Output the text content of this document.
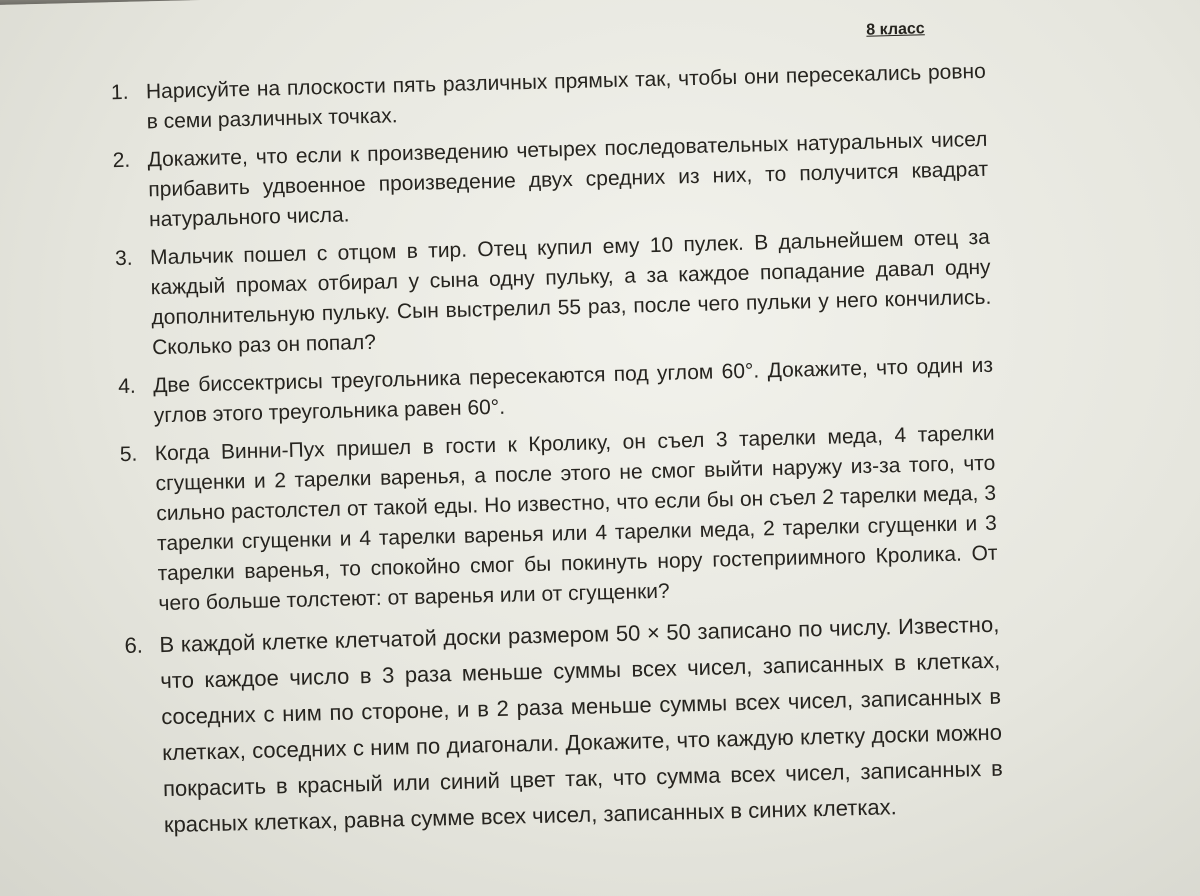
8 класс
1. Нарисуйте на плоскости пять различных прямых так, чтобы они пересекались ровно в семи различных точках.
2. Докажите, что если к произведению четырех последовательных натуральных чисел прибавить удвоенное произведение двух средних из них, то получится квадрат натурального числа.
3. Мальчик пошел с отцом в тир. Отец купил ему 10 пулек. В дальнейшем отец за каждый промах отбирал у сына одну пульку, а за каждое попадание давал одну дополнительную пульку. Сын выстрелил 55 раз, после чего пульки у него кончились. Сколько раз он попал?
4. Две биссектрисы треугольника пересекаются под углом 60°. Докажите, что один из углов этого треугольника равен 60°.
5. Когда Винни-Пух пришел в гости к Кролику, он съел 3 тарелки меда, 4 тарелки сгущенки и 2 тарелки варенья, а после этого не смог выйти наружу из-за того, что сильно растолстел от такой еды. Но известно, что если бы он съел 2 тарелки меда, 3 тарелки сгущенки и 4 тарелки варенья или 4 тарелки меда, 2 тарелки сгущенки и 3 тарелки варенья, то спокойно смог бы покинуть нору гостеприимного Кролика. От чего больше толстеют: от варенья или от сгущенки?
6. В каждой клетке клетчатой доски размером 50 × 50 записано по числу. Известно, что каждое число в 3 раза меньше суммы всех чисел, записанных в клетках, соседних с ним по стороне, и в 2 раза меньше суммы всех чисел, записанных в клетках, соседних с ним по диагонали. Докажите, что каждую клетку доски можно покрасить в красный или синий цвет так, что сумма всех чисел, записанных в красных клетках, равна сумме всех чисел, записанных в синих клетках.
